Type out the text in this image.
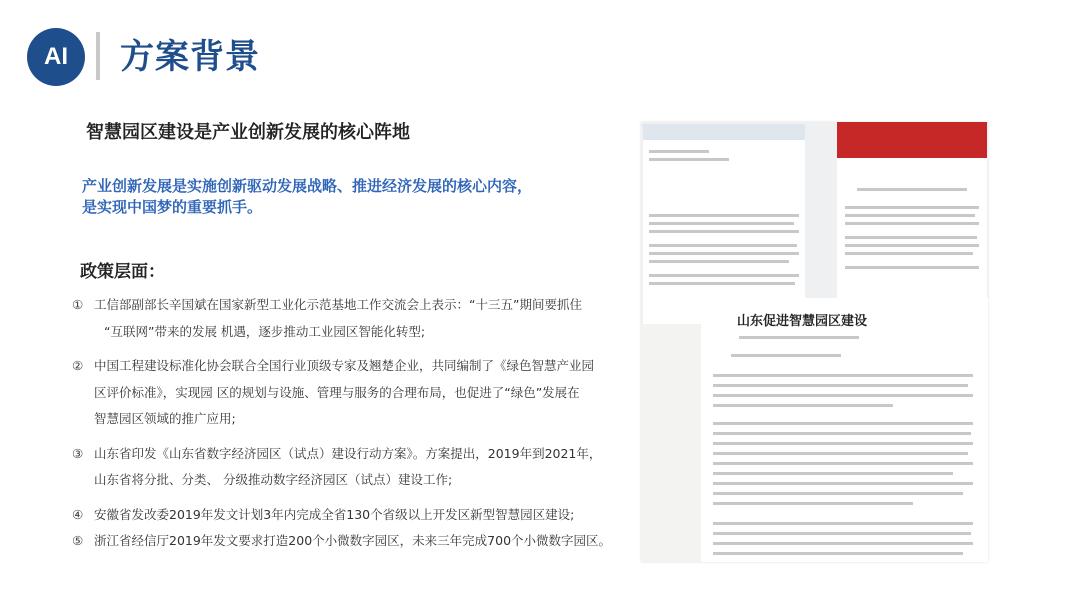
AI	方案背景
智慧园区建设是产业创新发展的核心阵地
产业创新发展是实施创新驱动发展战略、推进经济发展的核心内容，
是实现中国梦的重要抓手。
政策层面：
① 工信部副部长辛国斌在国家新型工业化示范基地工作交流会上表示：“十三五”期间要抓住
“互联网”带来的发展 机遇，逐步推动工业园区智能化转型;
② 中国工程建设标准化协会联合全国行业顶级专家及翘楚企业，共同编制了《绿色智慧产业园
区评价标准》，实现园 区的规划与设施、管理与服务的合理布局，也促进了“绿色”发展在
智慧园区领域的推广应用;
③ 山东省印发《山东省数字经济园区（试点）建设行动方案》。方案提出，2019年到2021年，
山东省将分批、分类、 分级推动数字经济园区（试点）建设工作;
④ 安徽省发改委2019年发文计划3年内完成全省130个省级以上开发区新型智慧园区建设;
⑤ 浙江省经信厅2019年发文要求打造200个小微数字园区，未来三年完成700个小微数字园区。
山东促进智慧园区建设
